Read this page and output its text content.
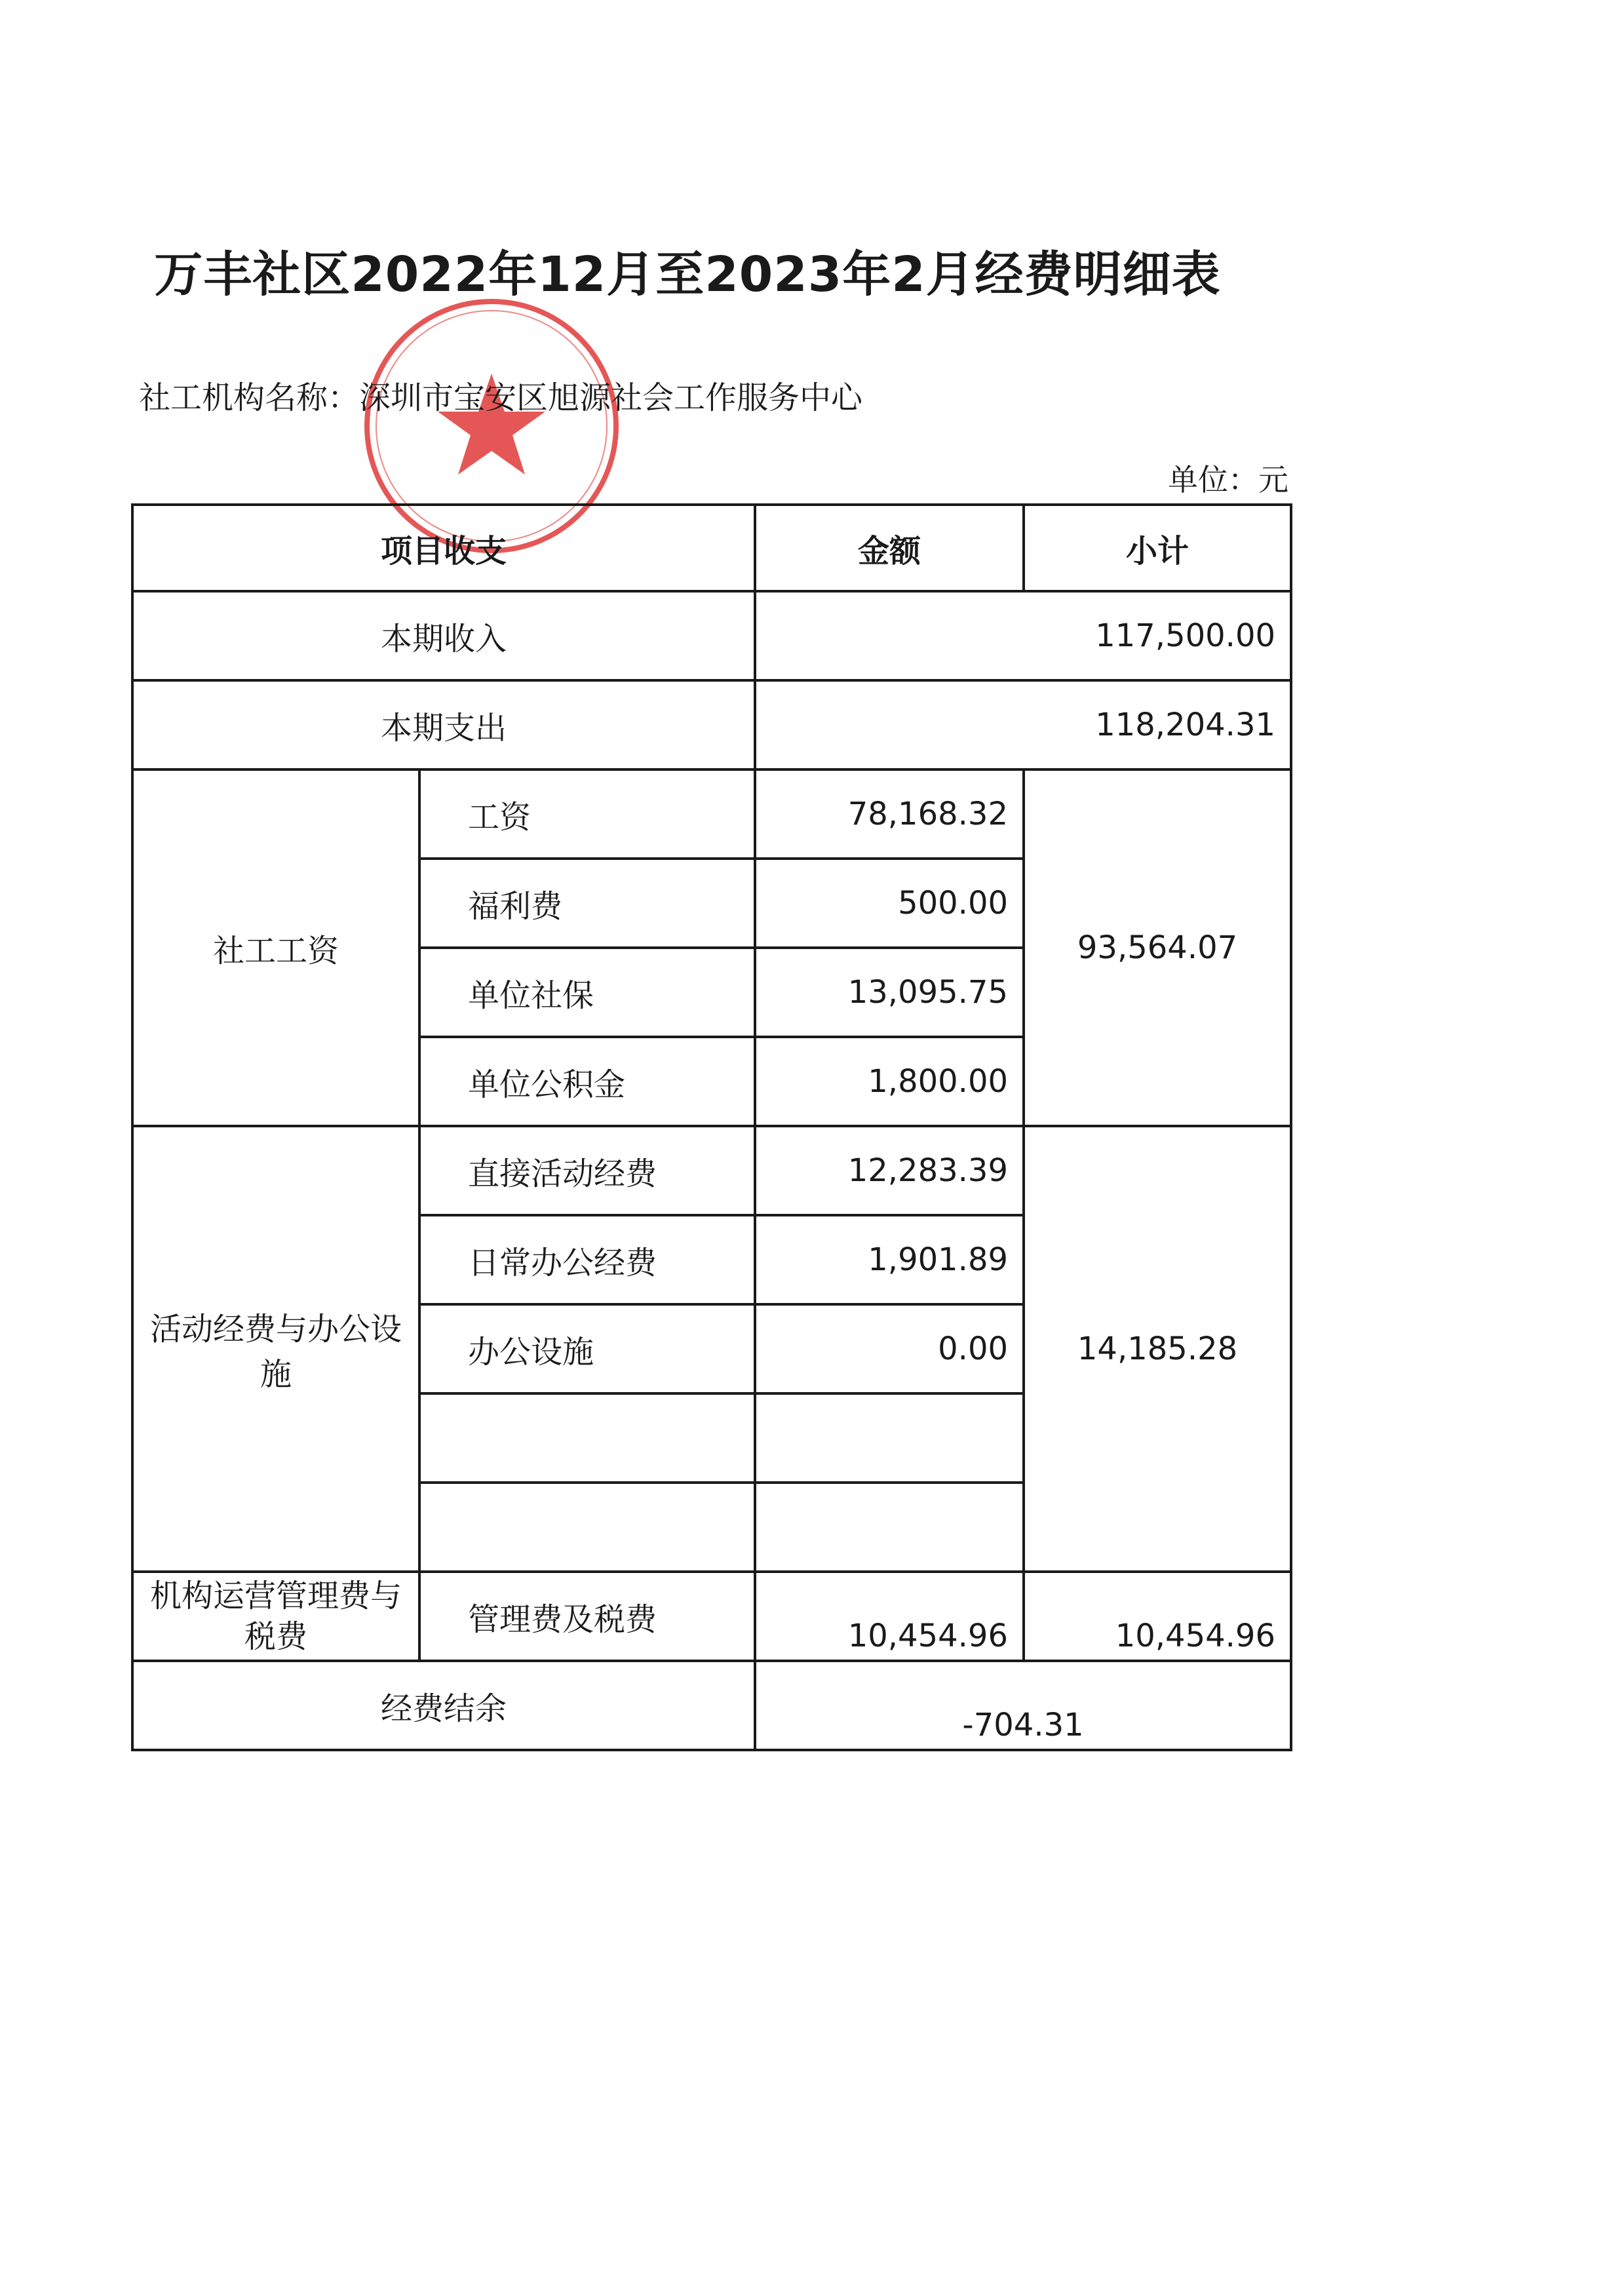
万丰社区2022年12月至2023年2月经费明细表
社工机构名称：深圳市宝安区旭源社会工作服务中心
单位：元
项目收支		金额	小计
本期收入		117,500.00	
本期支出		118,204.31	
社工工资	工资	78,168.32	93,564.07
	福利费	500.00	
	单位社保	13,095.75	
	单位公积金	1,800.00	
活动经费与办公设施	直接活动经费	12,283.39	14,185.28
	日常办公经费	1,901.89	
	办公设施	0.00	

机构运营管理费与税费	管理费及税费	10,454.96	10,454.96
经费结余		-704.31	
